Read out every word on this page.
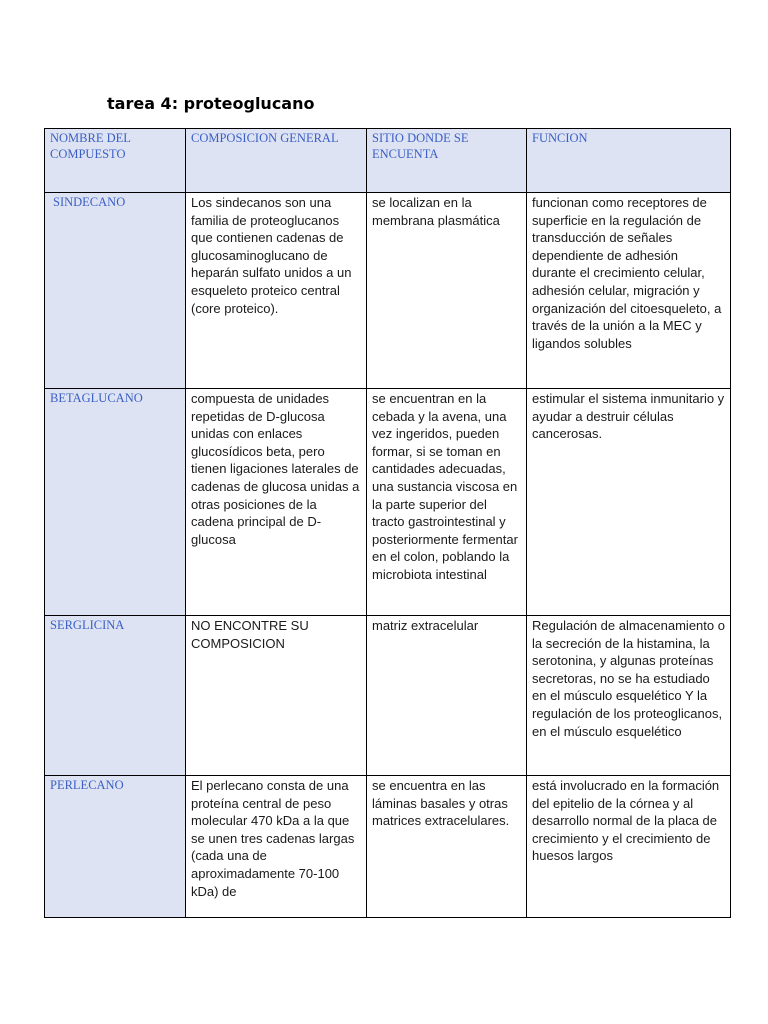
tarea 4: proteoglucano
NOMBRE DEL COMPUESTO	COMPOSICION GENERAL	SITIO DONDE SE ENCUENTA	FUNCION

SINDECANO	Los sindecanos son una familia de proteoglucanos que contienen cadenas de glucosaminoglucano de heparán sulfato unidos a un esqueleto proteico central (core proteico).	se localizan en la membrana plasmática	funcionan como receptores de superficie en la regulación de transducción de señales dependiente de adhesión durante el crecimiento celular, adhesión celular, migración y organización del citoesqueleto, a través de la unión a la MEC y ligandos solubles

BETAGLUCANO	compuesta de unidades repetidas de D-glucosa unidas con enlaces glucosídicos beta, pero tienen ligaciones laterales de cadenas de glucosa unidas a otras posiciones de la cadena principal de D-glucosa	se encuentran en la cebada y la avena, una vez ingeridos, pueden formar, si se toman en cantidades adecuadas, una sustancia viscosa en la parte superior del tracto gastrointestinal y posteriormente fermentar en el colon, poblando la microbiota intestinal	estimular el sistema inmunitario y ayudar a destruir células cancerosas.

SERGLICINA	NO ENCONTRE SU COMPOSICION	matriz extracelular	Regulación de almacenamiento o la secreción de la histamina, la serotonina, y algunas proteínas secretoras, no se ha estudiado en el músculo esquelético Y la regulación de los proteoglicanos, en el músculo esquelético

PERLECANO	El perlecano consta de una proteína central de peso molecular 470 kDa a la que se unen tres cadenas largas (cada una de aproximadamente 70-100 kDa) de	se encuentra en las láminas basales y otras matrices extracelulares.	está involucrado en la formación del epitelio de la córnea y al desarrollo normal de la placa de crecimiento y el crecimiento de huesos largos
